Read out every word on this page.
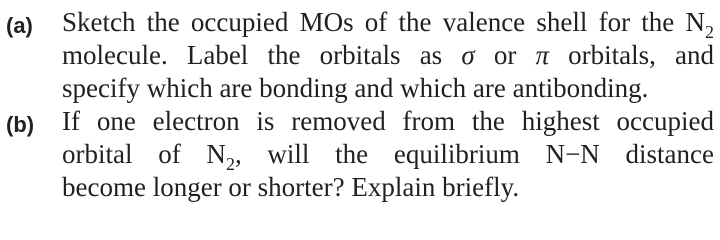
(a) Sketch the occupied MOs of the valence shell for the $N_2$
molecule. Label the orbitals as σ or π orbitals, and
specify which are bonding and which are antibonding.
(b) If one electron is removed from the highest occupied
orbital of $N_2$, will the equilibrium N−N distance
become longer or shorter? Explain briefly.
